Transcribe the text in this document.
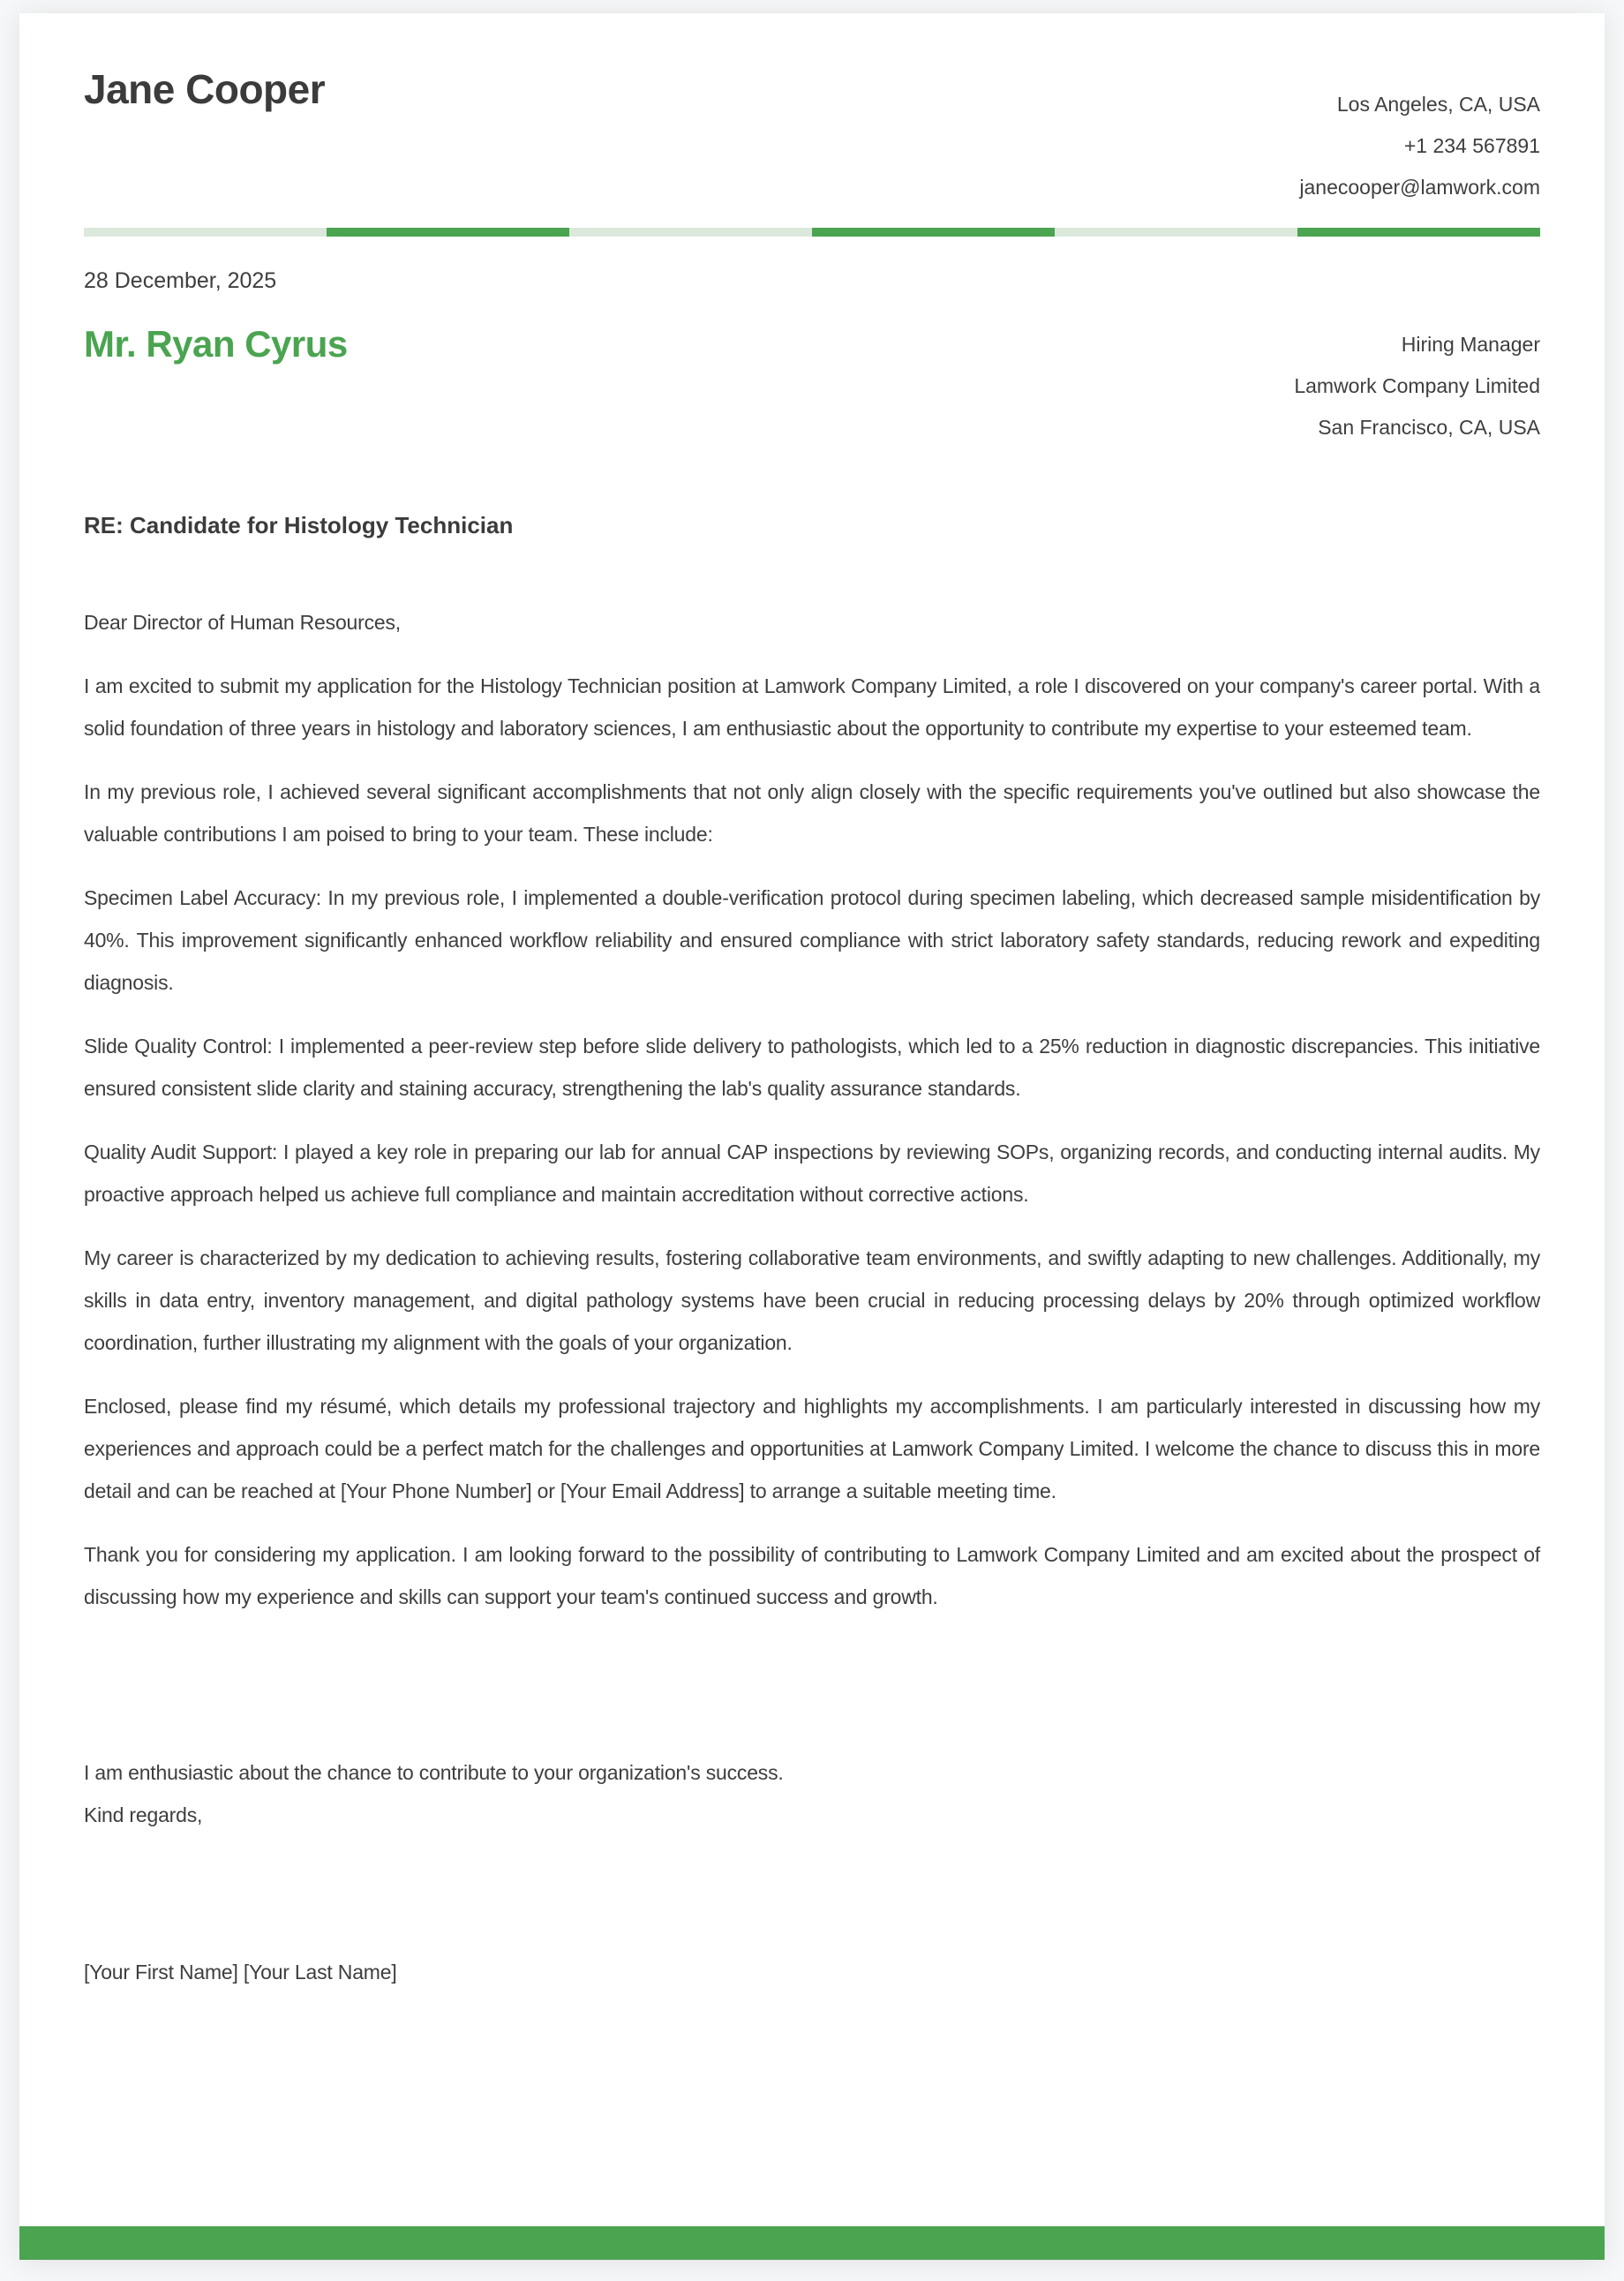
Jane Cooper	Los Angeles, CA, USA
+1 234 567891
janecooper@lamwork.com
28 December, 2025
Mr. Ryan Cyrus	Hiring Manager
Lamwork Company Limited
San Francisco, CA, USA
RE: Candidate for Histology Technician

Dear Director of Human Resources,

I am excited to submit my application for the Histology Technician position at Lamwork Company Limited, a role I discovered on your company's career portal. With a solid foundation of three years in histology and laboratory sciences, I am enthusiastic about the opportunity to contribute my expertise to your esteemed team.

In my previous role, I achieved several significant accomplishments that not only align closely with the specific requirements you've outlined but also showcase the valuable contributions I am poised to bring to your team. These include:

Specimen Label Accuracy: In my previous role, I implemented a double-verification protocol during specimen labeling, which decreased sample misidentification by 40%. This improvement significantly enhanced workflow reliability and ensured compliance with strict laboratory safety standards, reducing rework and expediting diagnosis.

Slide Quality Control: I implemented a peer-review step before slide delivery to pathologists, which led to a 25% reduction in diagnostic discrepancies. This initiative ensured consistent slide clarity and staining accuracy, strengthening the lab's quality assurance standards.

Quality Audit Support: I played a key role in preparing our lab for annual CAP inspections by reviewing SOPs, organizing records, and conducting internal audits. My proactive approach helped us achieve full compliance and maintain accreditation without corrective actions.

My career is characterized by my dedication to achieving results, fostering collaborative team environments, and swiftly adapting to new challenges. Additionally, my skills in data entry, inventory management, and digital pathology systems have been crucial in reducing processing delays by 20% through optimized workflow coordination, further illustrating my alignment with the goals of your organization.

Enclosed, please find my résumé, which details my professional trajectory and highlights my accomplishments. I am particularly interested in discussing how my experiences and approach could be a perfect match for the challenges and opportunities at Lamwork Company Limited. I welcome the chance to discuss this in more detail and can be reached at [Your Phone Number] or [Your Email Address] to arrange a suitable meeting time.

Thank you for considering my application. I am looking forward to the possibility of contributing to Lamwork Company Limited and am excited about the prospect of discussing how my experience and skills can support your team's continued success and growth.

I am enthusiastic about the chance to contribute to your organization's success.

Kind regards,

[Your First Name] [Your Last Name]
